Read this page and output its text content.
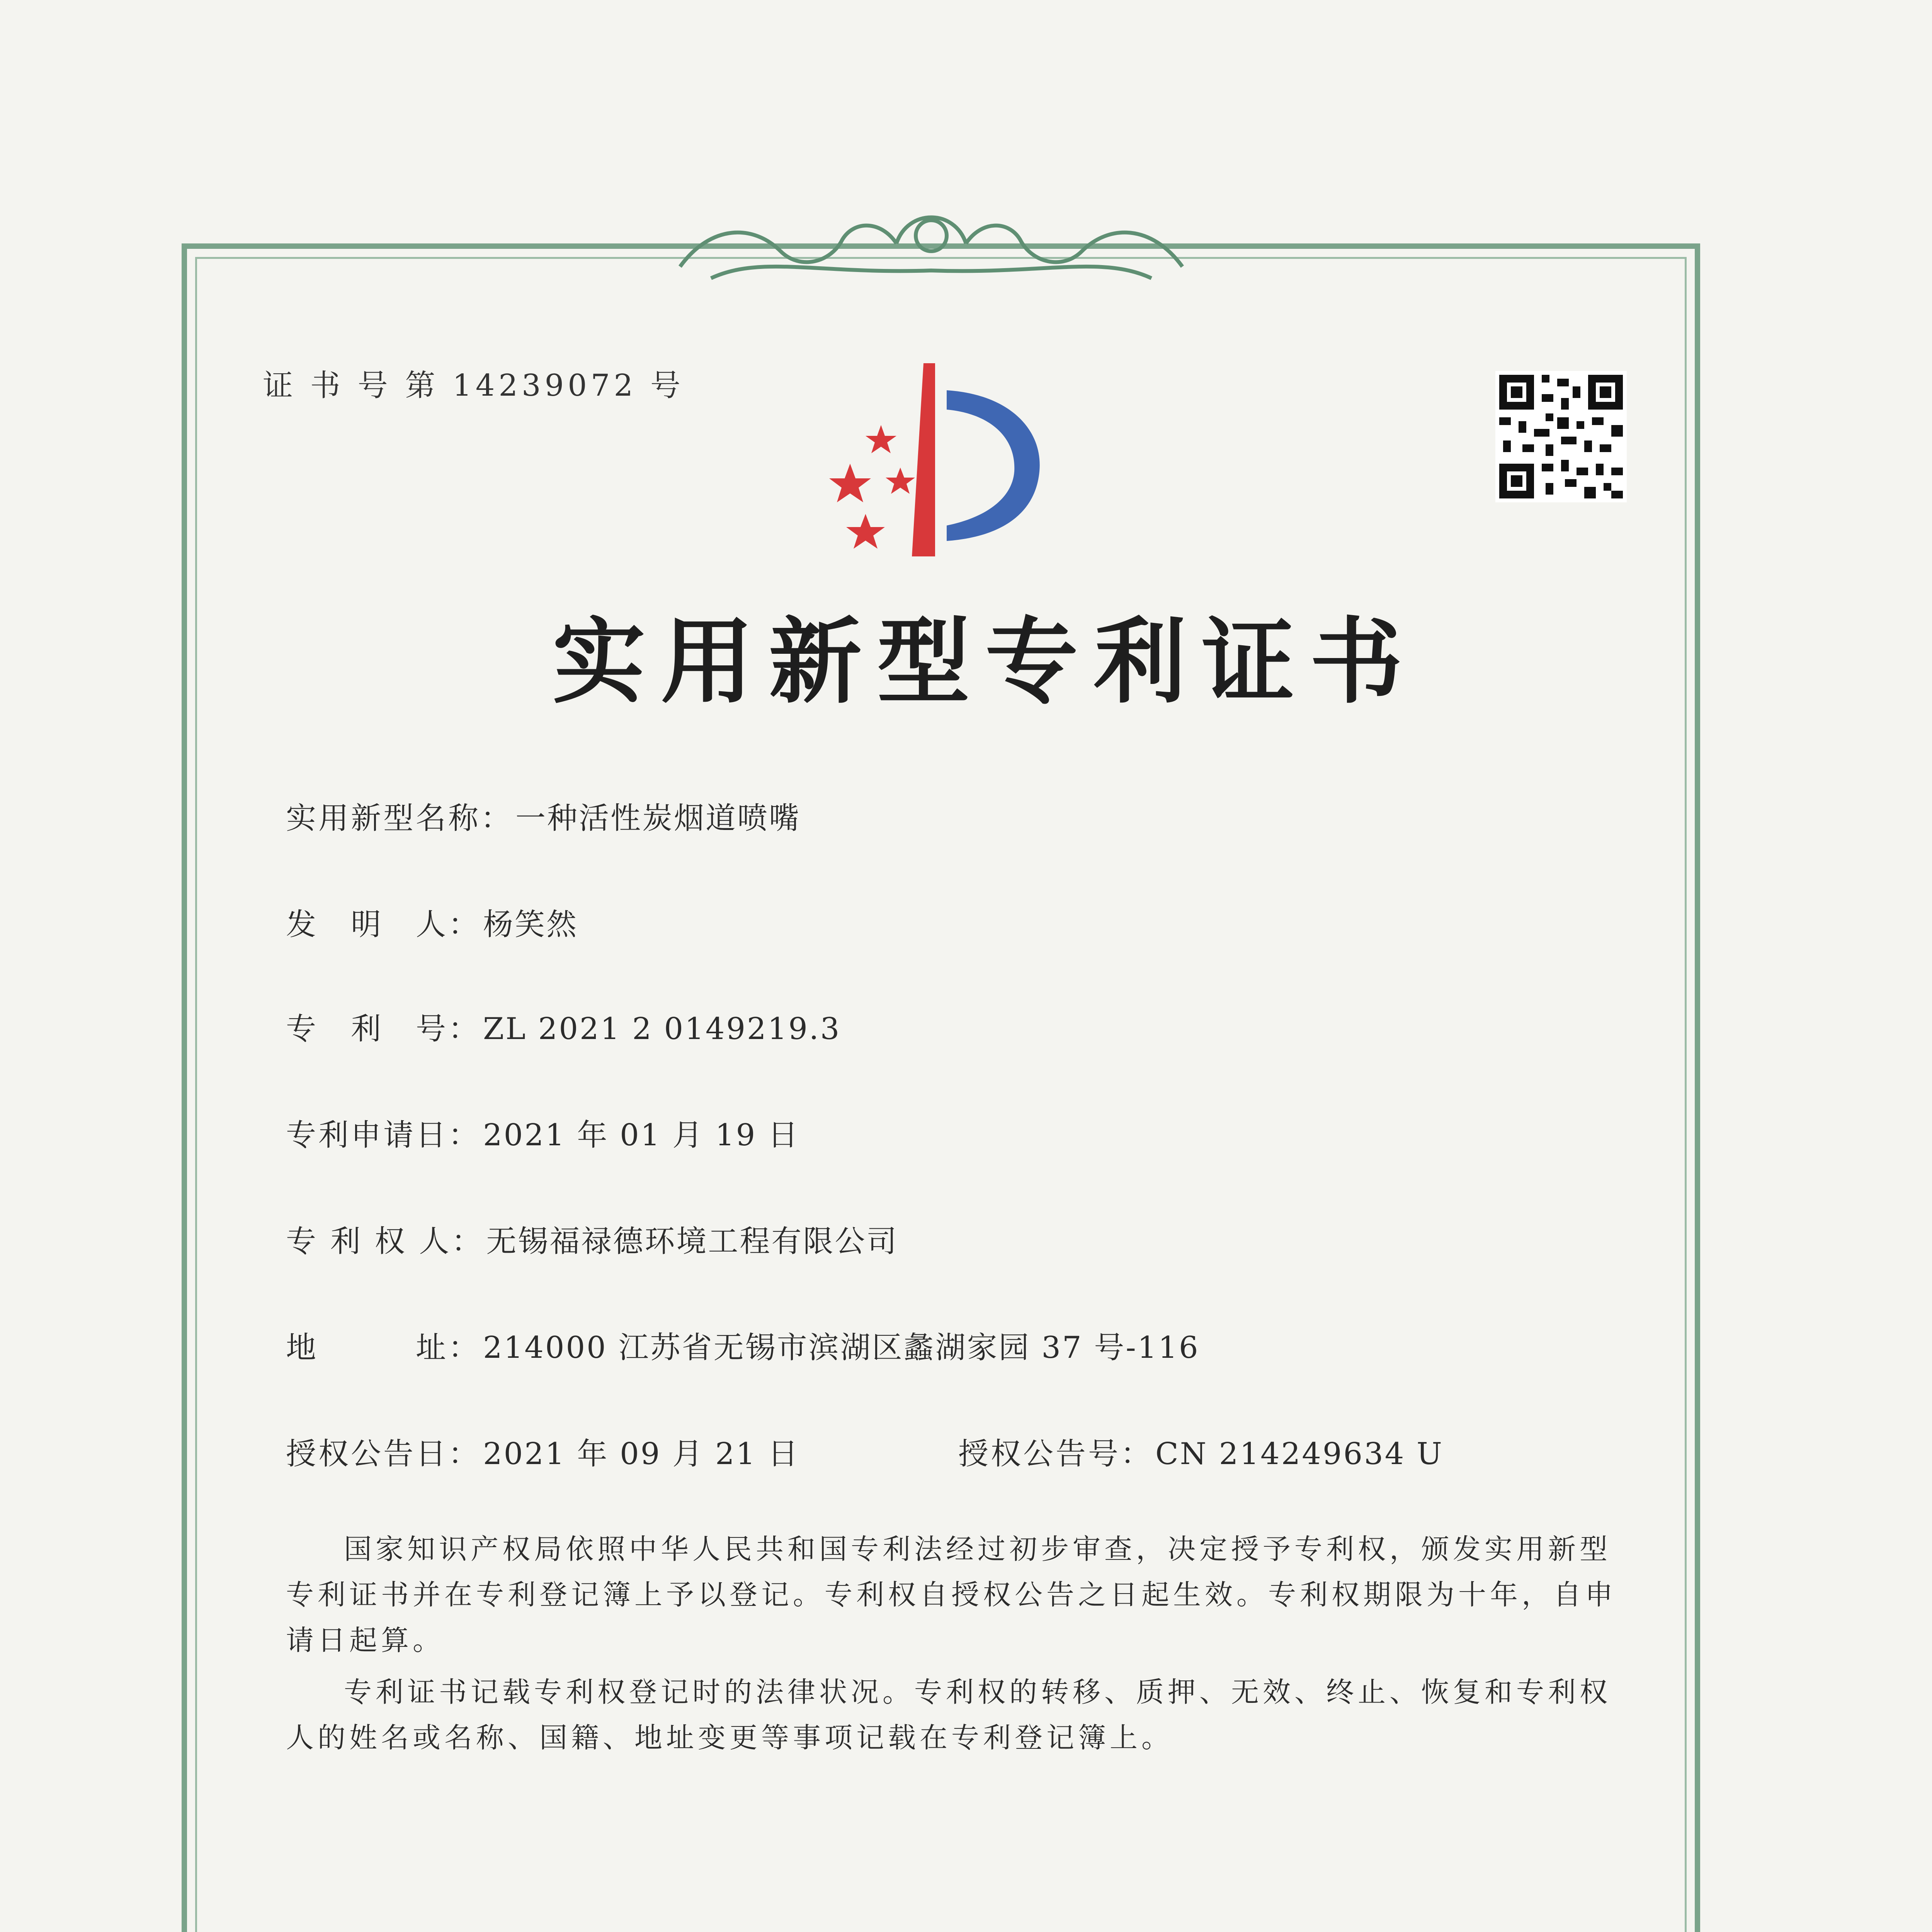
证 书 号 第 14239072 号
实用新型专利证书
实用新型名称：一种活性炭烟道喷嘴
发　明　人：杨笑然
专　利　号：ZL 2021 2 0149219.3
专利申请日：2021 年 01 月 19 日
专 利 权 人：无锡福禄德环境工程有限公司
地　　　址：214000 江苏省无锡市滨湖区蠡湖家园 37 号-116
授权公告日：2021 年 09 月 21 日	授权公告号：CN 214249634 U
国家知识产权局依照中华人民共和国专利法经过初步审查，决定授予专利权，颁发实用新型专利证书并在专利登记簿上予以登记。专利权自授权公告之日起生效。专利权期限为十年，自申请日起算。
专利证书记载专利权登记时的法律状况。专利权的转移、质押、无效、终止、恢复和专利权人的姓名或名称、国籍、地址变更等事项记载在专利登记簿上。
